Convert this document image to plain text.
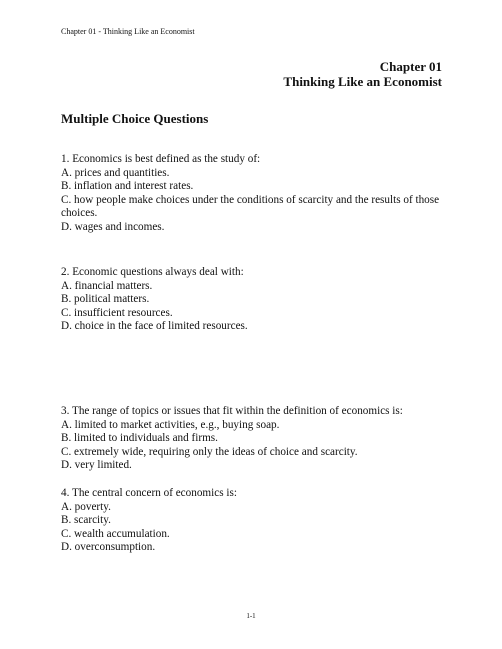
Chapter 01 - Thinking Like an Economist
Chapter 01
Thinking Like an Economist
Multiple Choice Questions
1. Economics is best defined as the study of:
A. prices and quantities.
B. inflation and interest rates.
C. how people make choices under the conditions of scarcity and the results of those choices.
D. wages and incomes.
2. Economic questions always deal with:
A. financial matters.
B. political matters.
C. insufficient resources.
D. choice in the face of limited resources.
3. The range of topics or issues that fit within the definition of economics is:
A. limited to market activities, e.g., buying soap.
B. limited to individuals and firms.
C. extremely wide, requiring only the ideas of choice and scarcity.
D. very limited.
4. The central concern of economics is:
A. poverty.
B. scarcity.
C. wealth accumulation.
D. overconsumption.
1-1
